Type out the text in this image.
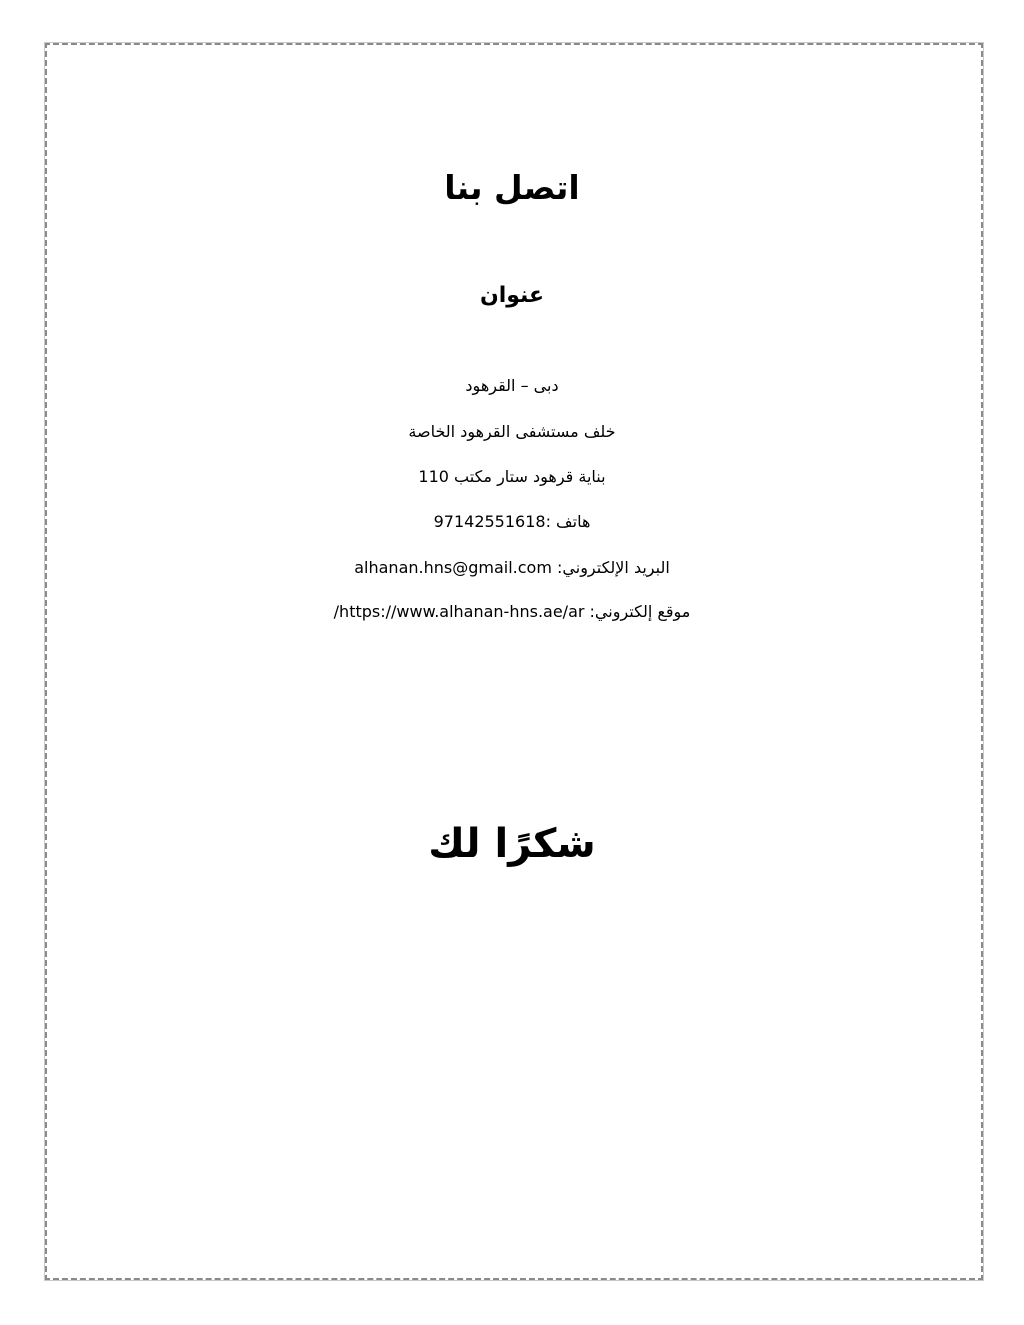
اتصل بنا
عنوان
دبى – القرهود
خلف مستشفى القرهود الخاصة
بناية قرهود ستار مكتب 110
هاتف :97142551618
البريد الإلكتروني: alhanan.hns@gmail.com
موقع إلكتروني: https://www.alhanan-hns.ae/ar/
شكرًا لك
